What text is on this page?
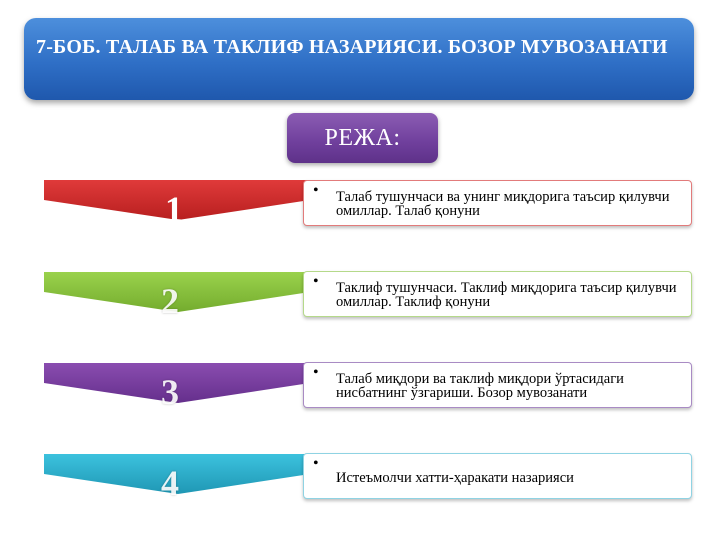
7-БОБ. ТАЛАБ ВА ТАКЛИФ НАЗАРИЯСИ. БОЗОР МУВОЗАНАТИ
РЕЖА:
1	• Талаб тушунчаси ва унинг миқдорига таъсир қилувчи омиллар. Талаб қонуни
2	• Таклиф тушунчаси. Таклиф миқдорига таъсир қилувчи омиллар. Таклиф қонуни
3	• Талаб миқдори ва таклиф миқдори ўртасидаги нисбатнинг ўзгариши. Бозор мувозанати
4	•
Истеъмолчи хатти-ҳаракати назарияси
